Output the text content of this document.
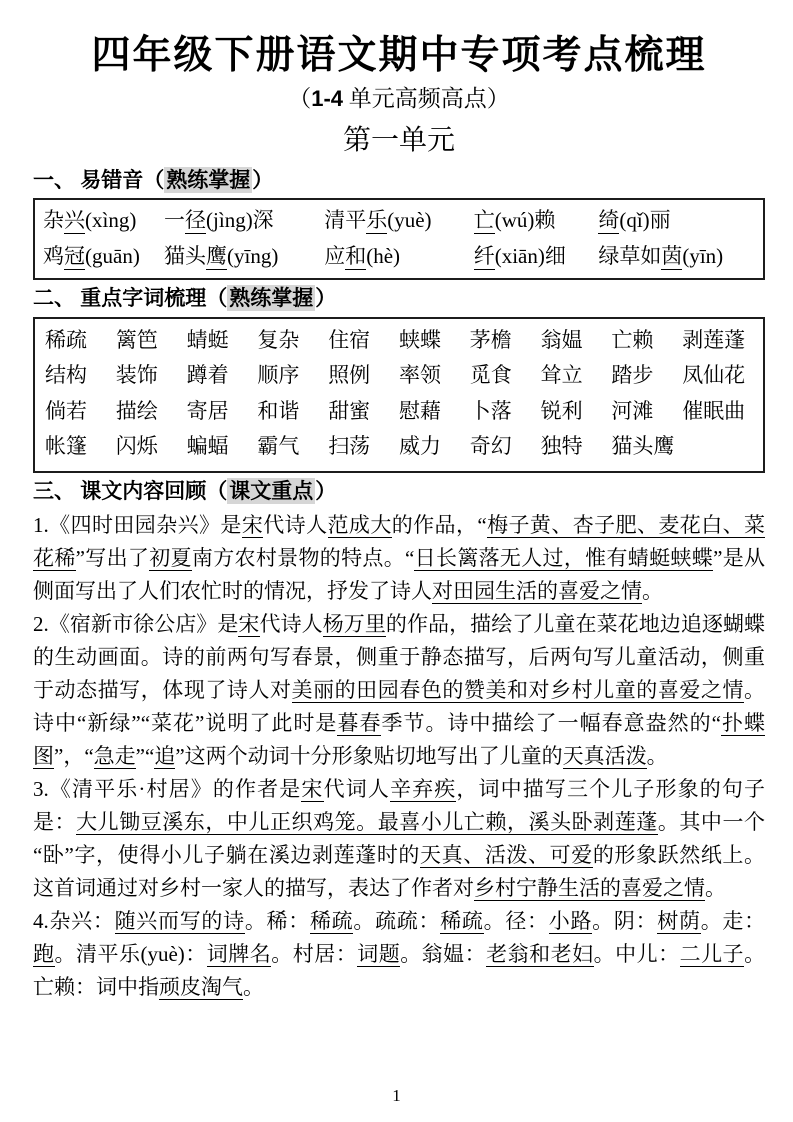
四年级下册语文期中专项考点梳理
（1-4 单元高频高点）
第一单元
一、 易错音（熟练掌握）
杂兴(xìng)	一径(jìng)深	清平乐(yuè)	亡(wú)赖	绮(qǐ)丽
鸡冠(guān)	猫头鹰(yīng)	应和(hè)	纤(xiān)细	绿草如茵(yīn)
二、 重点字词梳理（熟练掌握）
稀疏	篱笆	蜻蜓	复杂	住宿	蛱蝶	茅檐	翁媪	亡赖	剥莲蓬
结构	装饰	蹲着	顺序	照例	率领	觅食	耸立	踏步	凤仙花
倘若	描绘	寄居	和谐	甜蜜	慰藉	卜落	锐利	河滩	催眠曲
帐篷	闪烁	蝙蝠	霸气	扫荡	威力	奇幻	独特	猫头鹰
三、 课文内容回顾（课文重点）

1.《四时田园杂兴》是宋代诗人范成大的作品，“梅子黄、杏子肥、麦花白、菜花稀”写出了初夏南方农村景物的特点。“日长篱落无人过，惟有蜻蜓蛱蝶”是从侧面写出了人们农忙时的情况，抒发了诗人对田园生活的喜爱之情。

2.《宿新市徐公店》是宋代诗人杨万里的作品，描绘了儿童在菜花地边追逐蝴蝶的生动画面。诗的前两句写春景，侧重于静态描写，后两句写儿童活动，侧重于动态描写，体现了诗人对美丽的田园春色的赞美和对乡村儿童的喜爱之情。诗中“新绿”“菜花”说明了此时是暮春季节。诗中描绘了一幅春意盎然的“扑蝶图”，“急走”“追”这两个动词十分形象贴切地写出了儿童的天真活泼。

3.《清平乐·村居》的作者是宋代词人辛弃疾，词中描写三个儿子形象的句子是：大儿锄豆溪东，中儿正织鸡笼。最喜小儿亡赖，溪头卧剥莲蓬。其中一个“卧”字，使得小儿子躺在溪边剥莲蓬时的天真、活泼、可爱的形象跃然纸上。这首词通过对乡村一家人的描写，表达了作者对乡村宁静生活的喜爱之情。

4.杂兴：随兴而写的诗。稀：稀疏。疏疏：稀疏。径：小路。阴：树荫。走：跑。清平乐(yuè)：词牌名。村居：词题。翁媪：老翁和老妇。中儿：二儿子。亡赖：词中指顽皮淘气。

1
